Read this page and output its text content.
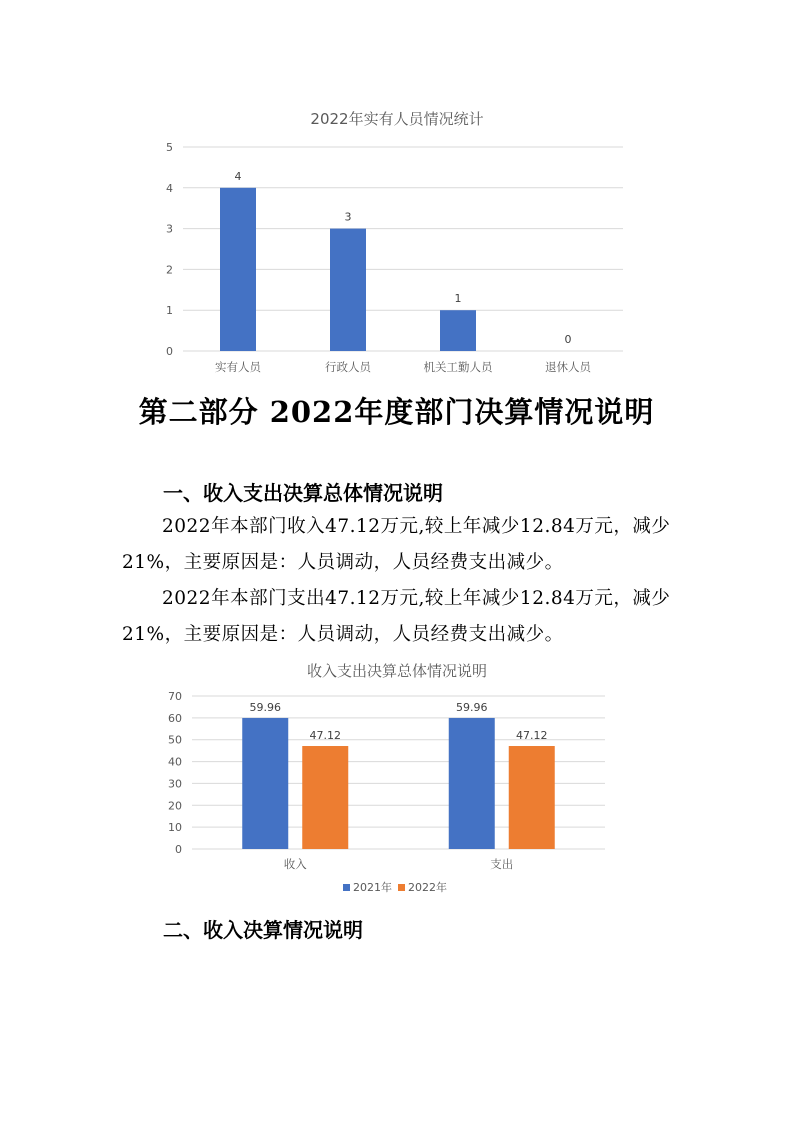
2022年实有人员情况统计
0
1
2
3
4
5
4
3
1
0
实有人员	行政人员	机关工勤人员	退休人员
第二部分 2022年度部门决算情况说明
一、收入支出决算总体情况说明

2022年本部门收入47.12万元,较上年减少12.84万元，减少21%，主要原因是：人员调动，人员经费支出减少。

2022年本部门支出47.12万元,较上年减少12.84万元，减少21%，主要原因是：人员调动，人员经费支出减少。

收入支出决算总体情况说明
0
10
20
30
40
50
60
70
59.96
47.12
59.96
47.12
收入	支出
2021年 2022年
二、收入决算情况说明
